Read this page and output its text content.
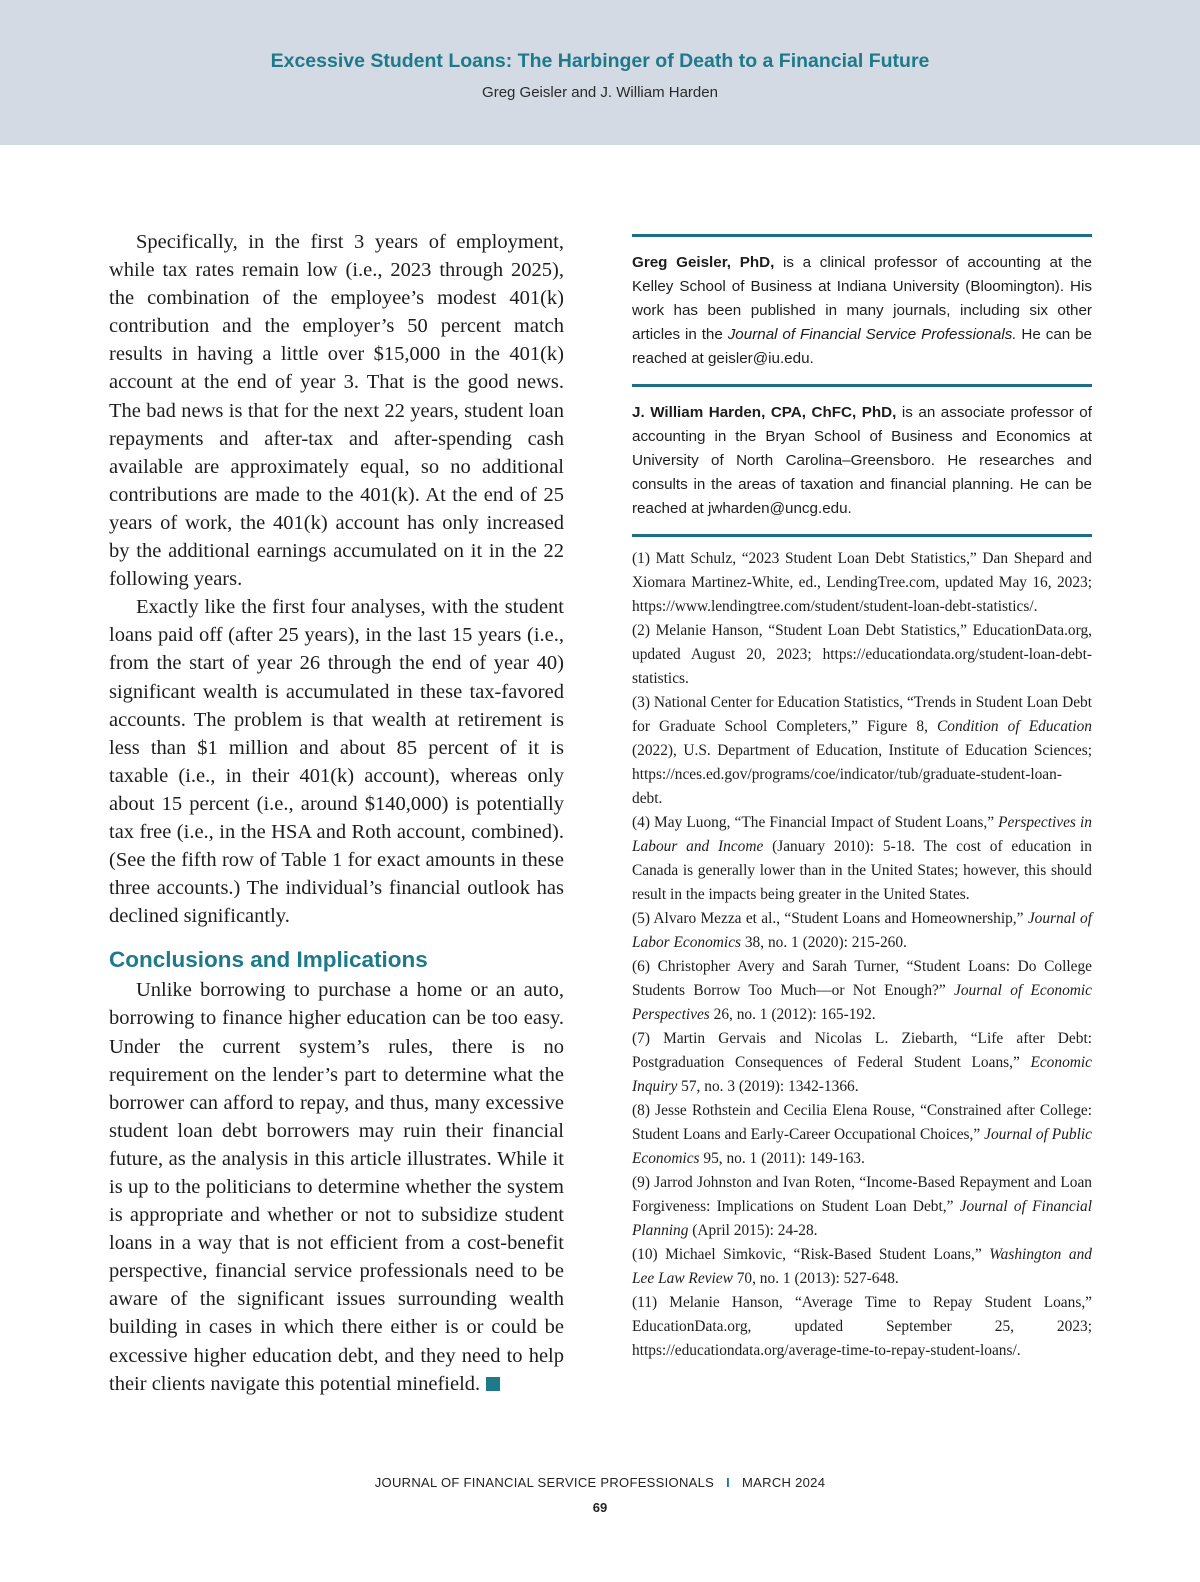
Excessive Student Loans: The Harbinger of Death to a Financial Future
Greg Geisler and J. William Harden

Specifically, in the first 3 years of employment, while tax rates remain low (i.e., 2023 through 2025), the combination of the employee’s modest 401(k) contribution and the employer’s 50 percent match results in having a little over $15,000 in the 401(k) account at the end of year 3. That is the good news. The bad news is that for the next 22 years, student loan repayments and after-tax and after-spending cash available are approximately equal, so no additional contributions are made to the 401(k). At the end of 25 years of work, the 401(k) account has only increased by the additional earnings accumulated on it in the 22 following years.

Exactly like the first four analyses, with the student loans paid off (after 25 years), in the last 15 years (i.e., from the start of year 26 through the end of year 40) significant wealth is accumulated in these tax-favored accounts. The problem is that wealth at retirement is less than $1 million and about 85 percent of it is taxable (i.e., in their 401(k) account), whereas only about 15 percent (i.e., around $140,000) is potentially tax free (i.e., in the HSA and Roth account, combined). (See the fifth row of Table 1 for exact amounts in these three accounts.) The individual’s financial outlook has declined significantly.

Conclusions and Implications

Unlike borrowing to purchase a home or an auto, borrowing to finance higher education can be too easy. Under the current system’s rules, there is no requirement on the lender’s part to determine what the borrower can afford to repay, and thus, many excessive student loan debt borrowers may ruin their financial future, as the analysis in this article illustrates. While it is up to the politicians to determine whether the system is appropriate and whether or not to subsidize student loans in a way that is not efficient from a cost-benefit perspective, financial service professionals need to be aware of the significant issues surrounding wealth building in cases in which there either is or could be excessive higher education debt, and they need to help their clients navigate this potential minefield.

Greg Geisler, PhD, is a clinical professor of accounting at the Kelley School of Business at Indiana University (Bloomington). His work has been published in many journals, including six other articles in the Journal of Financial Service Professionals. He can be reached at geisler@iu.edu.
J. William Harden, CPA, ChFC, PhD, is an associate professor of accounting in the Bryan School of Business and Economics at University of North Carolina–Greensboro. He researches and consults in the areas of taxation and financial planning. He can be reached at jwharden@uncg.edu.
(1) Matt Schulz, “2023 Student Loan Debt Statistics,” Dan Shepard and Xiomara Martinez-White, ed., LendingTree.com, updated May 16, 2023; https://www.lendingtree.com/student/student-loan-debt-statistics/.
(2) Melanie Hanson, “Student Loan Debt Statistics,” EducationData.org, updated August 20, 2023; https://educationdata.org/student-loan-debt-statistics.
(3) National Center for Education Statistics, “Trends in Student Loan Debt for Graduate School Completers,” Figure 8, Condition of Education (2022), U.S. Department of Education, Institute of Education Sciences; https://nces.ed.gov/programs/coe/indicator/tub/graduate-student-loan-debt.
(4) May Luong, “The Financial Impact of Student Loans,” Perspectives in Labour and Income (January 2010): 5-18. The cost of education in Canada is generally lower than in the United States; however, this should result in the impacts being greater in the United States.
(5) Alvaro Mezza et al., “Student Loans and Homeownership,” Journal of Labor Economics 38, no. 1 (2020): 215-260.
(6) Christopher Avery and Sarah Turner, “Student Loans: Do College Students Borrow Too Much—or Not Enough?” Journal of Economic Perspectives 26, no. 1 (2012): 165-192.
(7) Martin Gervais and Nicolas L. Ziebarth, “Life after Debt: Postgraduation Consequences of Federal Student Loans,” Economic Inquiry 57, no. 3 (2019): 1342-1366.
(8) Jesse Rothstein and Cecilia Elena Rouse, “Constrained after College: Student Loans and Early-Career Occupational Choices,” Journal of Public Economics 95, no. 1 (2011): 149-163.
(9) Jarrod Johnston and Ivan Roten, “Income-Based Repayment and Loan Forgiveness: Implications on Student Loan Debt,” Journal of Financial Planning (April 2015): 24-28.
(10) Michael Simkovic, “Risk-Based Student Loans,” Washington and Lee Law Review 70, no. 1 (2013): 527-648.
(11) Melanie Hanson, “Average Time to Repay Student Loans,” EducationData.org, updated September 25, 2023; https://educationdata.org/average-time-to-repay-student-loans/.
JOURNAL OF FINANCIAL SERVICE PROFESSIONALS I MARCH 2024
69
